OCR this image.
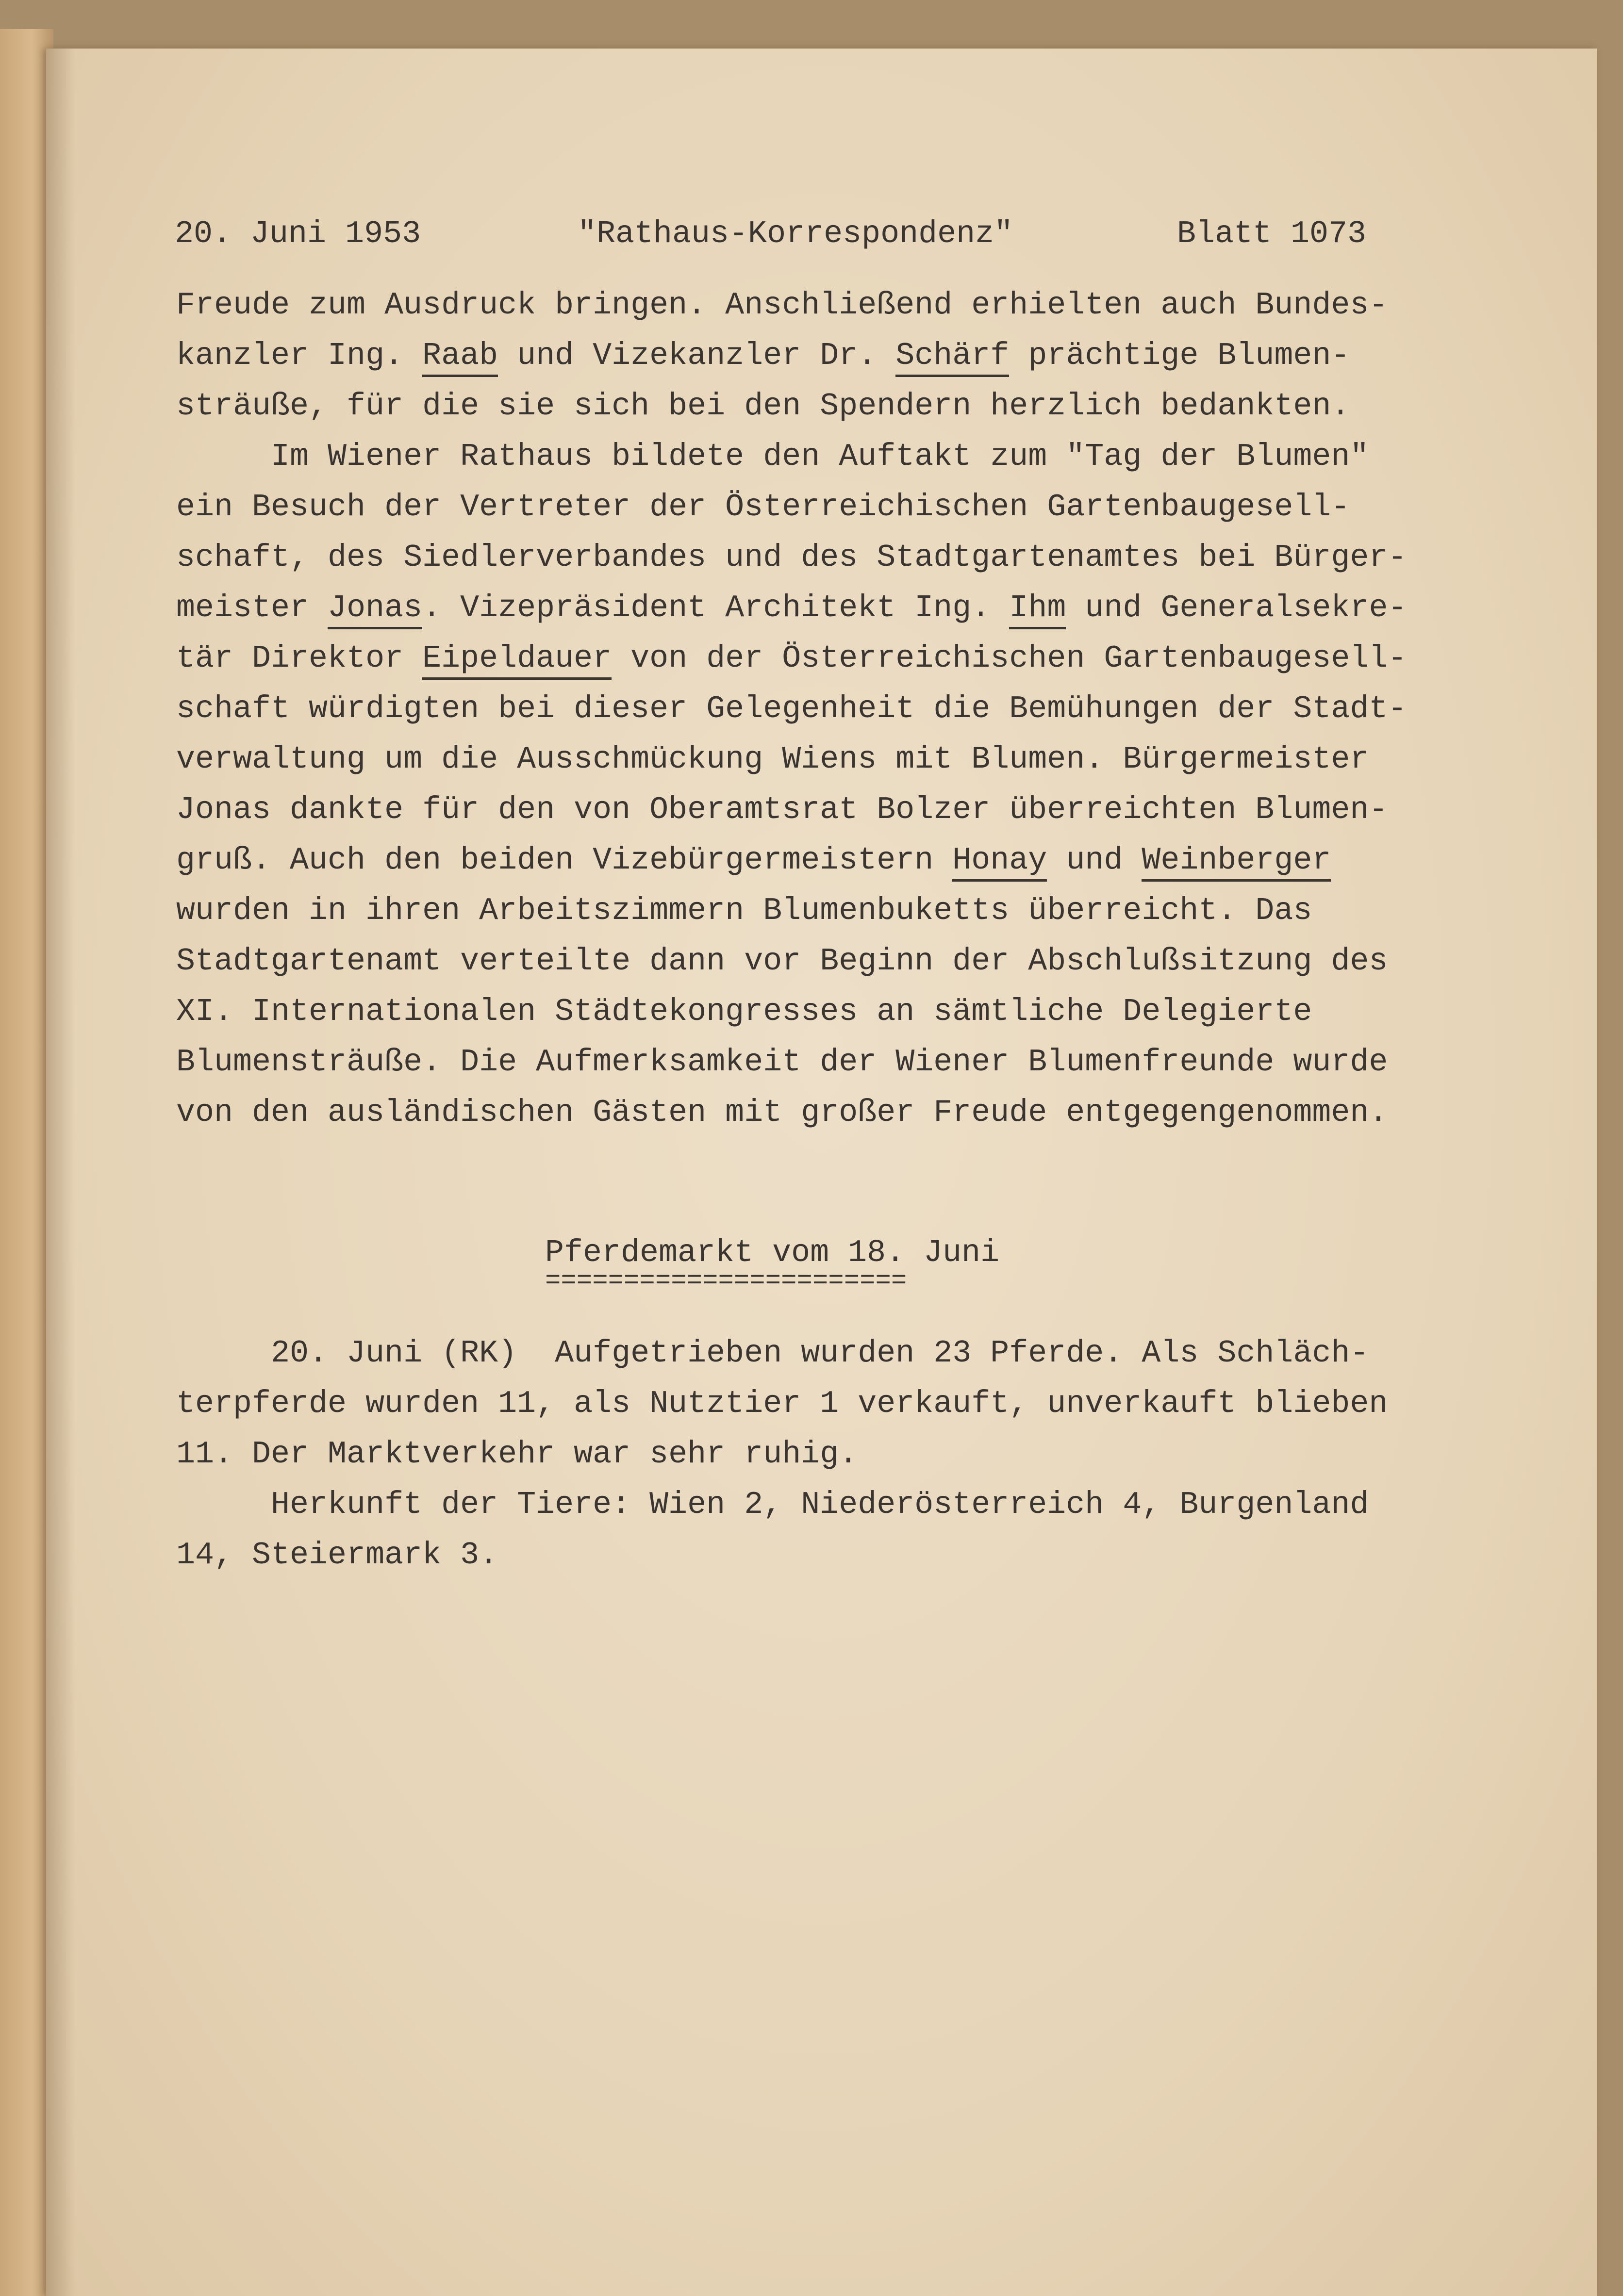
20. Juni 1953	"Rathaus-Korrespondenz"	Blatt 1073
Freude zum Ausdruck bringen. Anschließend erhielten auch Bundes-
kanzler Ing. Raab und Vizekanzler Dr. Schärf prächtige Blumen-
sträuße, für die sie sich bei den Spendern herzlich bedankten.
Im Wiener Rathaus bildete den Auftakt zum "Tag der Blumen"
ein Besuch der Vertreter der Österreichischen Gartenbaugesell-
schaft, des Siedlerverbandes und des Stadtgartenamtes bei Bürger-
meister Jonas. Vizepräsident Architekt Ing. Ihm und Generalsekre-
tär Direktor Eipeldauer von der Österreichischen Gartenbaugesell-
schaft würdigten bei dieser Gelegenheit die Bemühungen der Stadt-
verwaltung um die Ausschmückung Wiens mit Blumen. Bürgermeister
Jonas dankte für den von Oberamtsrat Bolzer überreichten Blumen-
gruß. Auch den beiden Vizebürgermeistern Honay und Weinberger
wurden in ihren Arbeitszimmern Blumenbuketts überreicht. Das
Stadtgartenamt verteilte dann vor Beginn der Abschlußsitzung des
XI. Internationalen Städtekongresses an sämtliche Delegierte
Blumensträuße. Die Aufmerksamkeit der Wiener Blumenfreunde wurde
von den ausländischen Gästen mit großer Freude entgegengenommen.
Pferdemarkt vom 18. Juni
=======================
20. Juni (RK)  Aufgetrieben wurden 23 Pferde. Als Schläch-
terpferde wurden 11, als Nutztier 1 verkauft, unverkauft blieben
11. Der Marktverkehr war sehr ruhig.
Herkunft der Tiere: Wien 2, Niederösterreich 4, Burgenland
14, Steiermark 3.
